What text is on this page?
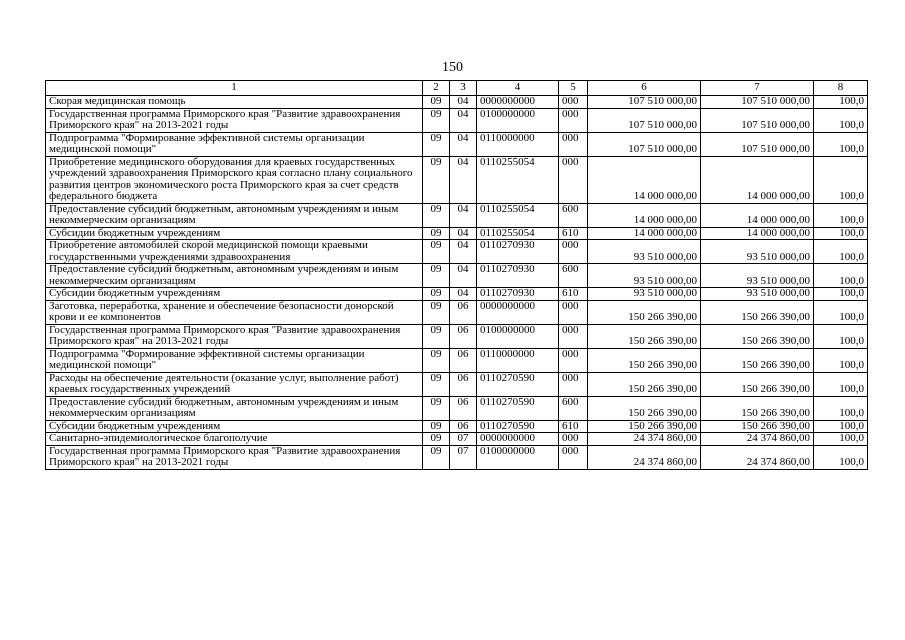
150
1	2	3	4	5	6	7	8
Скорая медицинская помощь	09	04	0000000000	000	107 510 000,00	107 510 000,00	100,0
Государственная программа Приморского края "Развитие здравоохранения Приморского края" на 2013-2021 годы	09	04	0100000000	000	107 510 000,00	107 510 000,00	100,0
Подпрограмма "Формирование эффективной системы организации медицинской помощи"	09	04	0110000000	000	107 510 000,00	107 510 000,00	100,0
Приобретение медицинского оборудования для краевых государственных учреждений здравоохранения Приморского края согласно плану социального развития центров экономического роста Приморского края за счет средств федерального бюджета	09	04	0110255054	000	14 000 000,00	14 000 000,00	100,0
Предоставление субсидий бюджетным, автономным учреждениям и иным некоммерческим организациям	09	04	0110255054	600	14 000 000,00	14 000 000,00	100,0
Субсидии бюджетным учреждениям	09	04	0110255054	610	14 000 000,00	14 000 000,00	100,0
Приобретение автомобилей скорой медицинской помощи краевыми государственными учреждениями здравоохранения	09	04	0110270930	000	93 510 000,00	93 510 000,00	100,0
Предоставление субсидий бюджетным, автономным учреждениям и иным некоммерческим организациям	09	04	0110270930	600	93 510 000,00	93 510 000,00	100,0
Субсидии бюджетным учреждениям	09	04	0110270930	610	93 510 000,00	93 510 000,00	100,0
Заготовка, переработка, хранение и обеспечение безопасности донорской крови и ее компонентов	09	06	0000000000	000	150 266 390,00	150 266 390,00	100,0
Государственная программа Приморского края "Развитие здравоохранения Приморского края" на 2013-2021 годы	09	06	0100000000	000	150 266 390,00	150 266 390,00	100,0
Подпрограмма "Формирование эффективной системы организации медицинской помощи"	09	06	0110000000	000	150 266 390,00	150 266 390,00	100,0
Расходы на обеспечение деятельности (оказание услуг, выполнение работ) краевых государственных учреждений	09	06	0110270590	000	150 266 390,00	150 266 390,00	100,0
Предоставление субсидий бюджетным, автономным учреждениям и иным некоммерческим организациям	09	06	0110270590	600	150 266 390,00	150 266 390,00	100,0
Субсидии бюджетным учреждениям	09	06	0110270590	610	150 266 390,00	150 266 390,00	100,0
Санитарно-эпидемиологическое благополучие	09	07	0000000000	000	24 374 860,00	24 374 860,00	100,0
Государственная программа Приморского края "Развитие здравоохранения Приморского края" на 2013-2021 годы	09	07	0100000000	000	24 374 860,00	24 374 860,00	100,0
